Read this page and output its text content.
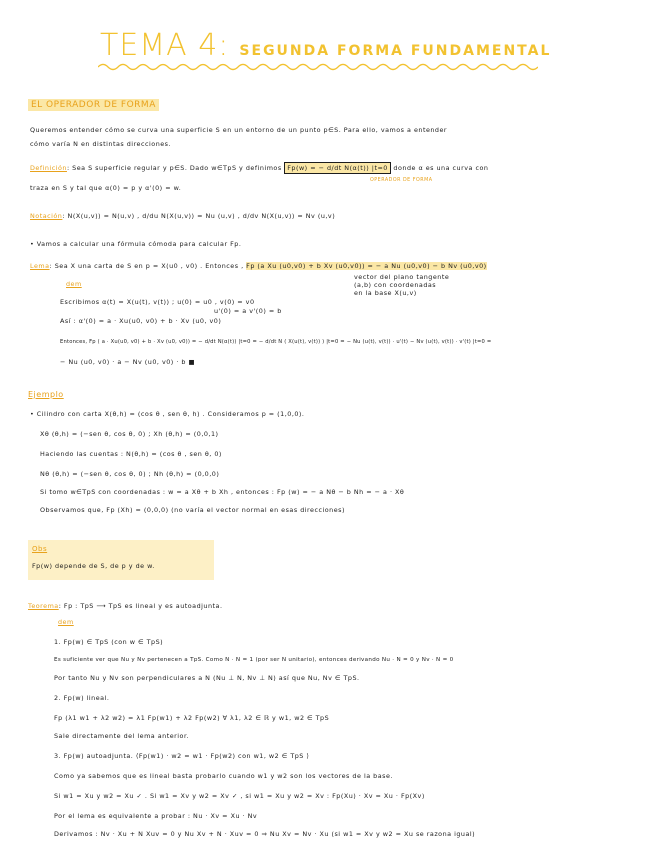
TEMA 4: SEGUNDA FORMA FUNDAMENTAL
EL OPERADOR DE FORMA
Queremos entender cómo se curva una superficie S en un entorno de un punto p∈S. Para ello, vamos a entender
cómo varía N en distintas direcciones.
Definición: Sea S superficie regular y p∈S. Dado w∈TpS y definimos Fp(w) = − d/dt N(α(t)) |t=0 donde α es una curva con
OPERADOR DE FORMA
traza en S y tal que α(0) = p y α'(0) = w.
Notación: N(X(u,v)) = N(u,v) , d/du N(X(u,v)) = Nu (u,v) , d/dv N(X(u,v)) = Nv (u,v)
• Vamos a calcular una fórmula cómoda para calcular Fp.
Lema: Sea X una carta de S en p = X(u0 , v0) . Entonces , Fp (a Xu (u0,v0) + b Xv (u0,v0)) = − a Nu (u0,v0) − b Nv (u0,v0)
vector del plano tangente
(a,b) con coordenadas
en la base X(u,v)
dem
Escribimos α(t) = X(u(t), v(t)) ; u(0) = u0 , v(0) = v0
u'(0) = a v'(0) = b
Así : α'(0) = a · Xu(u0, v0) + b · Xv (u0, v0)
Entonces, Fp ( a · Xu(u0, v0) + b · Xv (u0, v0)) = − d/dt N(α(t)) |t=0 = − d/dt N ( X(u(t), v(t)) ) |t=0 = − Nu (u(t), v(t)) · u'(t) − Nv (u(t), v(t)) · v'(t) |t=0 =
− Nu (u0, v0) · a − Nv (u0, v0) · b ■
Ejemplo
• Cilindro con carta X(θ,h) = (cos θ , sen θ, h) . Consideramos p = (1,0,0).
Xθ (θ,h) = (−sen θ, cos θ, 0) ; Xh (θ,h) = (0,0,1)
Haciendo las cuentas : N(θ,h) = (cos θ , sen θ, 0)
Nθ (θ,h) = (−sen θ, cos θ, 0) ; Nh (θ,h) = (0,0,0)
Si tomo w∈TpS con coordenadas : w = a Xθ + b Xh , entonces : Fp (w) = − a Nθ − b Nh = − a · Xθ
Observamos que, Fp (Xh) = (0,0,0) (no varía el vector normal en esas direcciones)
Obs
Fp(w) depende de S, de p y de w.
Teorema: Fp : TpS ⟶ TpS es lineal y es autoadjunta.
dem
1. Fp(w) ∈ TpS (con w ∈ TpS)
Es suficiente ver que Nu y Nv pertenecen a TpS. Como N · N = 1 (por ser N unitario), entonces derivando Nu · N = 0 y Nv · N = 0
Por tanto Nu y Nv son perpendiculares a N (Nu ⊥ N, Nv ⊥ N) así que Nu, Nv ∈ TpS.
2. Fp(w) lineal.
Fp (λ1 w1 + λ2 w2) = λ1 Fp(w1) + λ2 Fp(w2) ∀ λ1, λ2 ∈ ℝ y w1, w2 ∈ TpS
Sale directamente del lema anterior.
3. Fp(w) autoadjunta. ⟨Fp(w1) · w2 = w1 · Fp(w2) con w1, w2 ∈ TpS ⟩
Como ya sabemos que es lineal basta probarlo cuando w1 y w2 son los vectores de la base.
Si w1 = Xu y w2 = Xu ✓ . Si w1 = Xv y w2 = Xv ✓ , si w1 = Xu y w2 = Xv : Fp(Xu) · Xv = Xu · Fp(Xv)
Por el lema es equivalente a probar : Nu · Xv = Xu · Nv
Derivamos : Nv · Xu + N Xuv = 0 y Nu Xv + N · Xuv = 0 ⇒ Nu Xv = Nv · Xu (si w1 = Xv y w2 = Xu se razona igual)
